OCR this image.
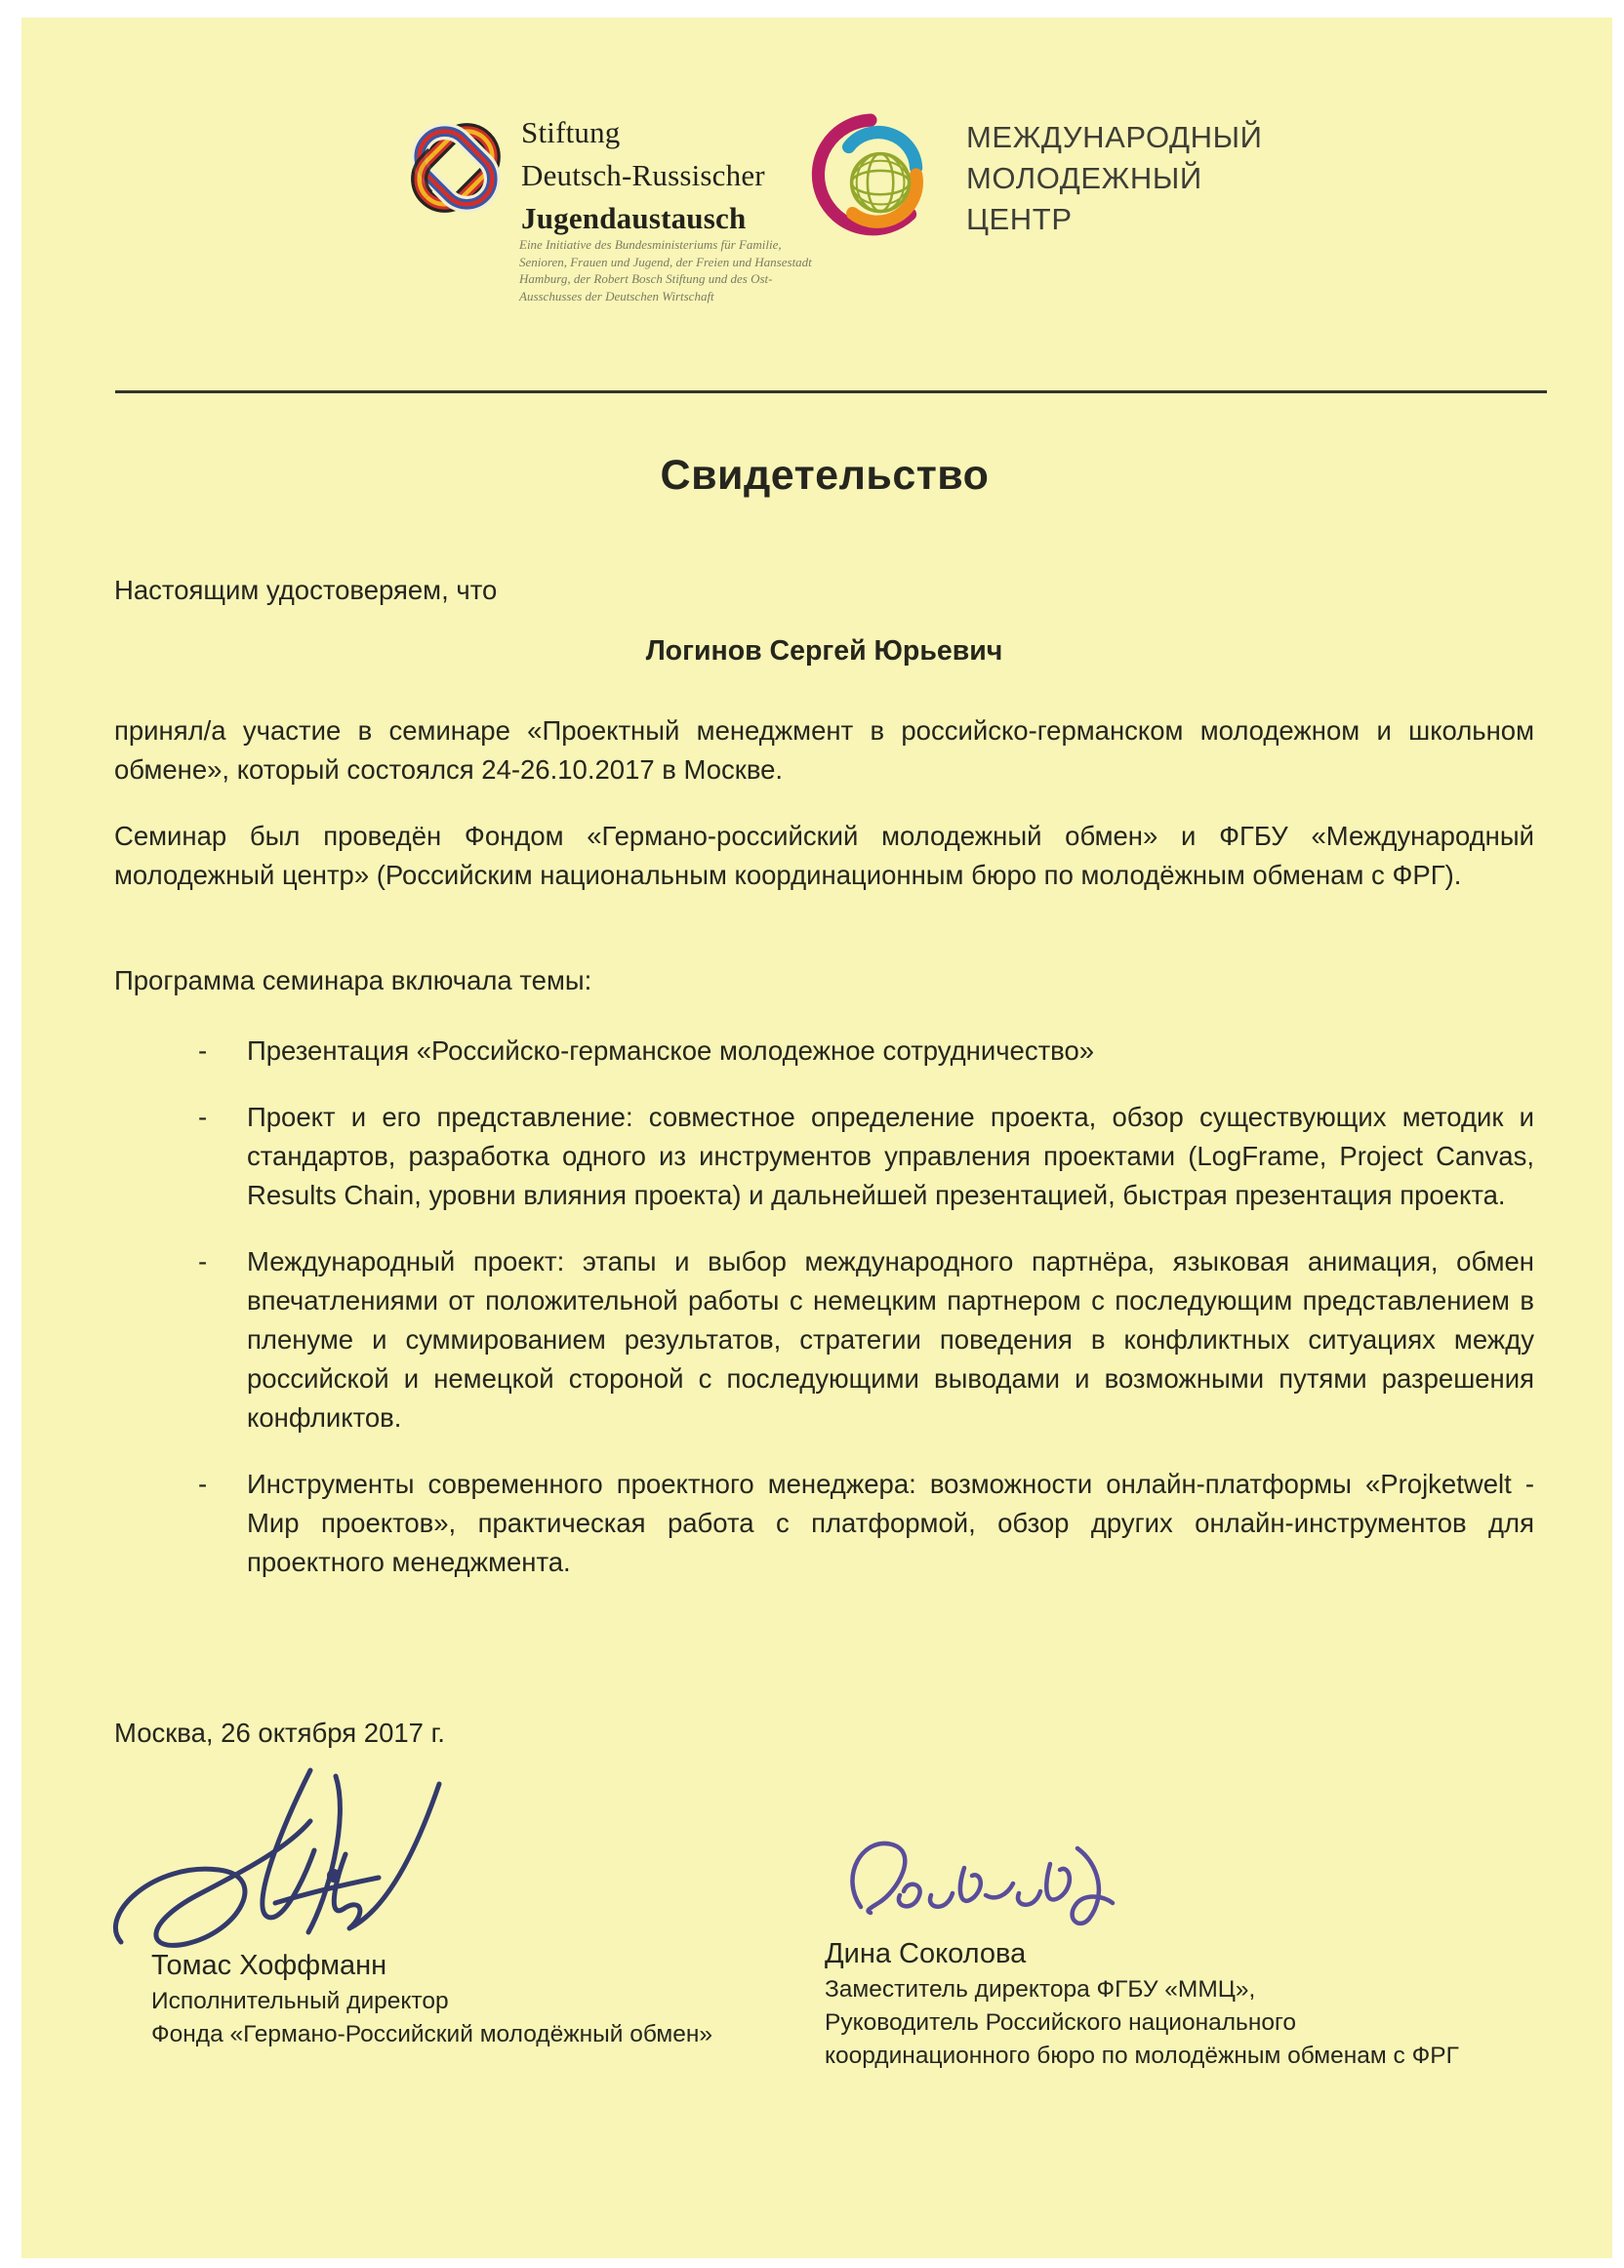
Stiftung
Deutsch-Russischer
Jugendaustausch
Eine Initiative des Bundesministeriums für Familie, Senioren, Frauen und Jugend, der Freien und Hansestadt Hamburg, der Robert Bosch Stiftung und des Ost-Ausschusses der Deutschen Wirtschaft
МЕЖДУНАРОДНЫЙ
МОЛОДЕЖНЫЙ
ЦЕНТР
Свидетельство
Настоящим удостоверяем, что
Логинов Сергей Юрьевич
принял/а участие в семинаре «Проектный менеджмент в российско-германском молодежном и школьном обмене», который состоялся 24-26.10.2017 в Москве.
Семинар был проведён Фондом «Германо-российский молодежный обмен» и ФГБУ «Международный молодежный центр» (Российским национальным координационным бюро по молодёжным обменам с ФРГ).
Программа семинара включала темы:
-	Презентация «Российско-германское молодежное сотрудничество»
-	Проект и его представление: совместное определение проекта, обзор существующих методик и стандартов, разработка одного из инструментов управления проектами (LogFrame, Project Canvas, Results Chain, уровни влияния проекта) и дальнейшей презентацией, быстрая презентация проекта.
-	Международный проект: этапы и выбор международного партнёра, языковая анимация, обмен впечатлениями от положительной работы с немецким партнером с последующим представлением в пленуме и суммированием результатов, стратегии поведения в конфликтных ситуациях между российской и немецкой стороной с последующими выводами и возможными путями разрешения конфликтов.
-	Инструменты современного проектного менеджера: возможности онлайн-платформы «Projketwelt - Мир проектов», практическая работа с платформой, обзор других онлайн-инструментов для проектного менеджмента.
Москва, 26 октября 2017 г.
Томас Хоффманн
Исполнительный директор
Фонда «Германо-Российский молодёжный обмен»
Дина Соколова
Заместитель директора ФГБУ «ММЦ»,
Руководитель Российского национального
координационного бюро по молодёжным обменам с ФРГ
